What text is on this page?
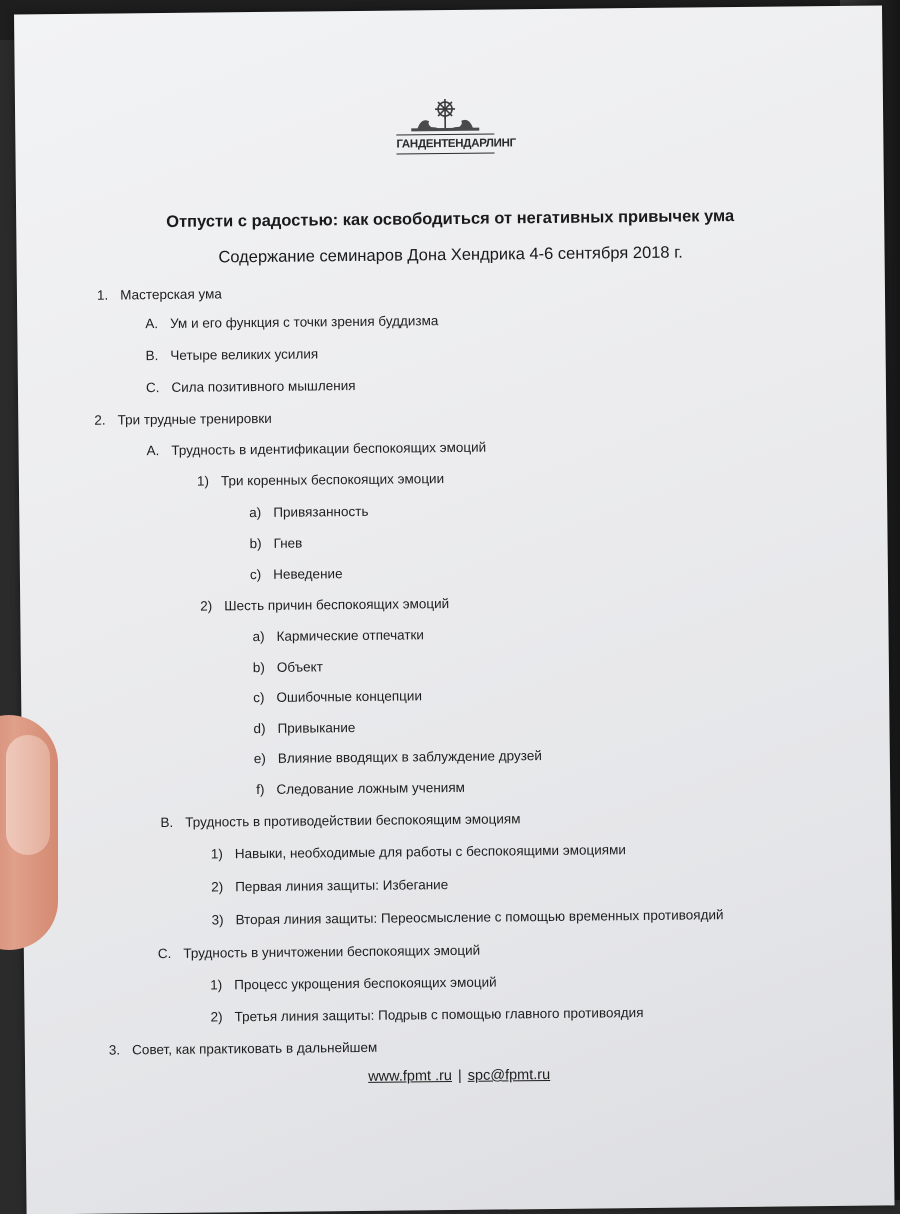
ГАНДЕНТЕНДАРЛИНГ
Отпусти с радостью: как освободиться от негативных привычек ума
Содержание семинаров Дона Хендрика 4-6 сентября 2018 г.
1. Мастерская ума
A. Ум и его функция с точки зрения буддизма
B. Четыре великих усилия
C. Сила позитивного мышления
2. Три трудные тренировки
A. Трудность в идентификации беспокоящих эмоций
1) Три коренных беспокоящих эмоции
a) Привязанность
b) Гнев
c) Неведение
2) Шесть причин беспокоящих эмоций
a) Кармические отпечатки
b) Объект
c) Ошибочные концепции
d) Привыкание
e) Влияние вводящих в заблуждение друзей
f) Следование ложным учениям
B. Трудность в противодействии беспокоящим эмоциям
1) Навыки, необходимые для работы с беспокоящими эмоциями
2) Первая линия защиты: Избегание
3) Вторая линия защиты: Переосмысление с помощью временных противоядий
C. Трудность в уничтожении беспокоящих эмоций
1) Процесс укрощения беспокоящих эмоций
2) Третья линия защиты: Подрыв с помощью главного противоядия
3. Совет, как практиковать в дальнейшем
www.fpmt .ru | spc@fpmt.ru
